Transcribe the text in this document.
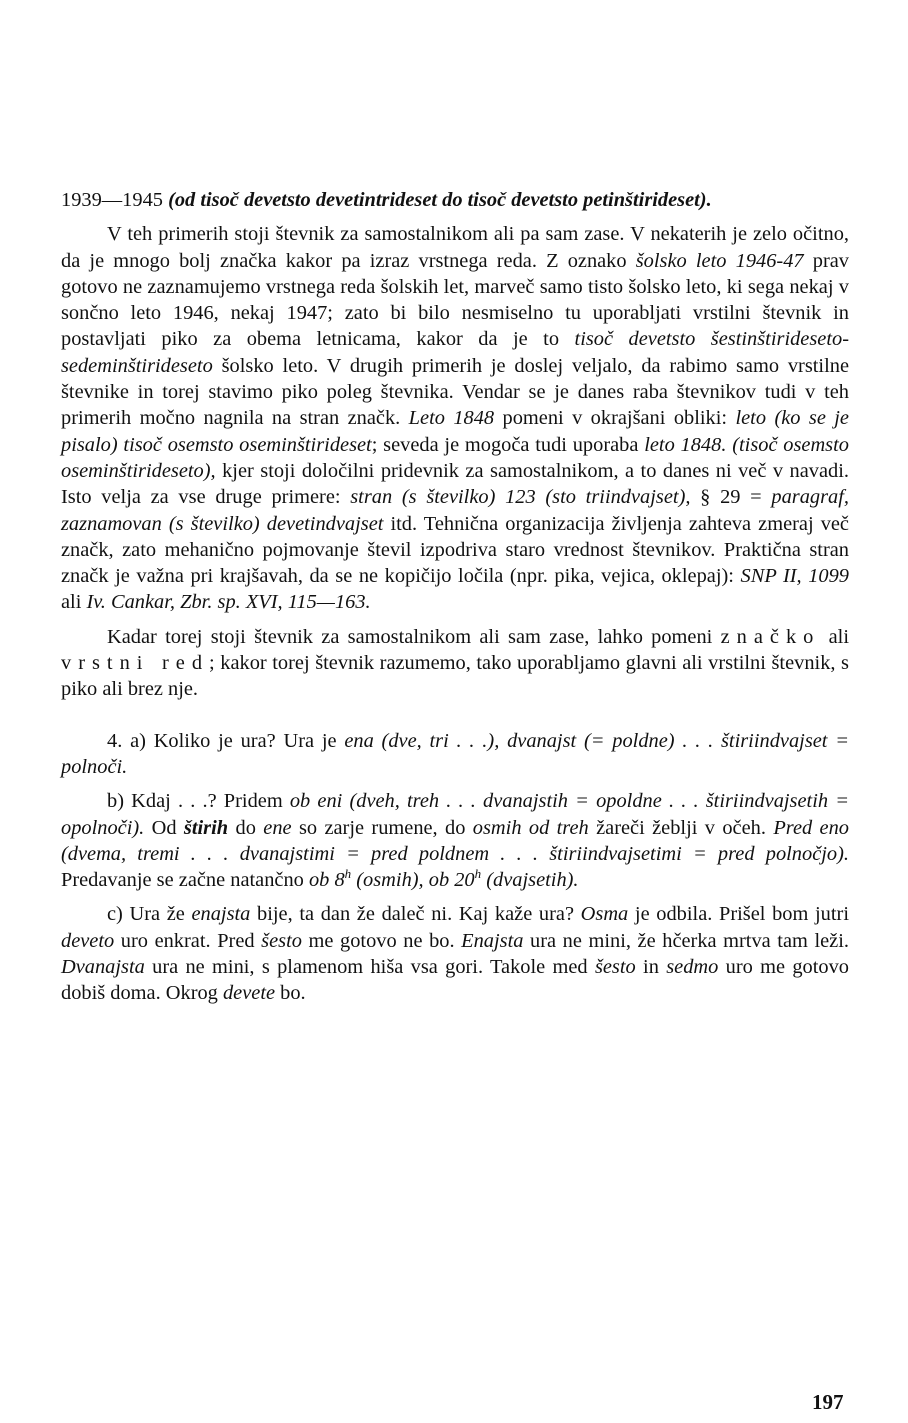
1939—1945 (od tisoč devetsto devetintrideset do tisoč devetsto petinštirideset).

V teh primerih stoji števnik za samostalnikom ali pa sam zase. V nekaterih je zelo očitno, da je mnogo bolj značka kakor pa izraz vrstnega reda. Z oznako šolsko leto 1946-47 prav gotovo ne zaznamujemo vrstnega reda šolskih let, marveč samo tisto šolsko leto, ki sega nekaj v sončno leto 1946, nekaj 1947; zato bi bilo nesmiselno tu uporabljati vrstilni števnik in postavljati piko za obema letnicama, kakor da je to tisoč devetsto šestinštirideseto-sedeminštirideseto šolsko leto. V drugih primerih je doslej veljalo, da rabimo samo vrstilne števnike in torej stavimo piko poleg števnika. Vendar se je danes raba števnikov tudi v teh primerih močno nagnila na stran značk. Leto 1848 pomeni v okrajšani obliki: leto (ko se je pisalo) tisoč osemsto oseminštirideset; seveda je mogoča tudi uporaba leto 1848. (tisoč osemsto oseminštirideseto), kjer stoji določilni pridevnik za samostalnikom, a to danes ni več v navadi. Isto velja za vse druge primere: stran (s številko) 123 (sto triindvajset), § 29 = paragraf, zaznamovan (s številko) devetindvajset itd. Tehnična organizacija življenja zahteva zmeraj več značk, zato mehanično pojmovanje števil izpodriva staro vrednost števnikov. Praktična stran značk je važna pri krajšavah, da se ne kopičijo ločila (npr. pika, vejica, oklepaj): SNP II, 1099 ali Iv. Cankar, Zbr. sp. XVI, 115—163.

Kadar torej stoji števnik za samostalnikom ali sam zase, lahko pomeni značko ali vrstni red; kakor torej števnik razumemo, tako uporabljamo glavni ali vrstilni števnik, s piko ali brez nje.

4. a) Koliko je ura? Ura je ena (dve, tri . . .), dvanajst (= poldne) . . . štiriindvajset = polnoči.

b) Kdaj . . .? Pridem ob eni (dveh, treh . . . dvanajstih = opoldne . . . štiriindvajsetih = opolnoči). Od štirih do ene so zarje rumene, do osmih od treh žareči žeblji v očeh. Pred eno (dvema, tremi . . . dvanajstimi = pred poldnem . . . štiriindvajsetimi = pred polnočjo). Predavanje se začne natančno ob 8$^h$ (osmih), ob 20$^h$ (dvajsetih).

c) Ura že enajsta bije, ta dan že daleč ni. Kaj kaže ura? Osma je odbila. Prišel bom jutri deveto uro enkrat. Pred šesto me gotovo ne bo. Enajsta ura ne mini, že hčerka mrtva tam leži. Dvanajsta ura ne mini, s plamenom hiša vsa gori. Takole med šesto in sedmo uro me gotovo dobiš doma. Okrog devete bo.

197
